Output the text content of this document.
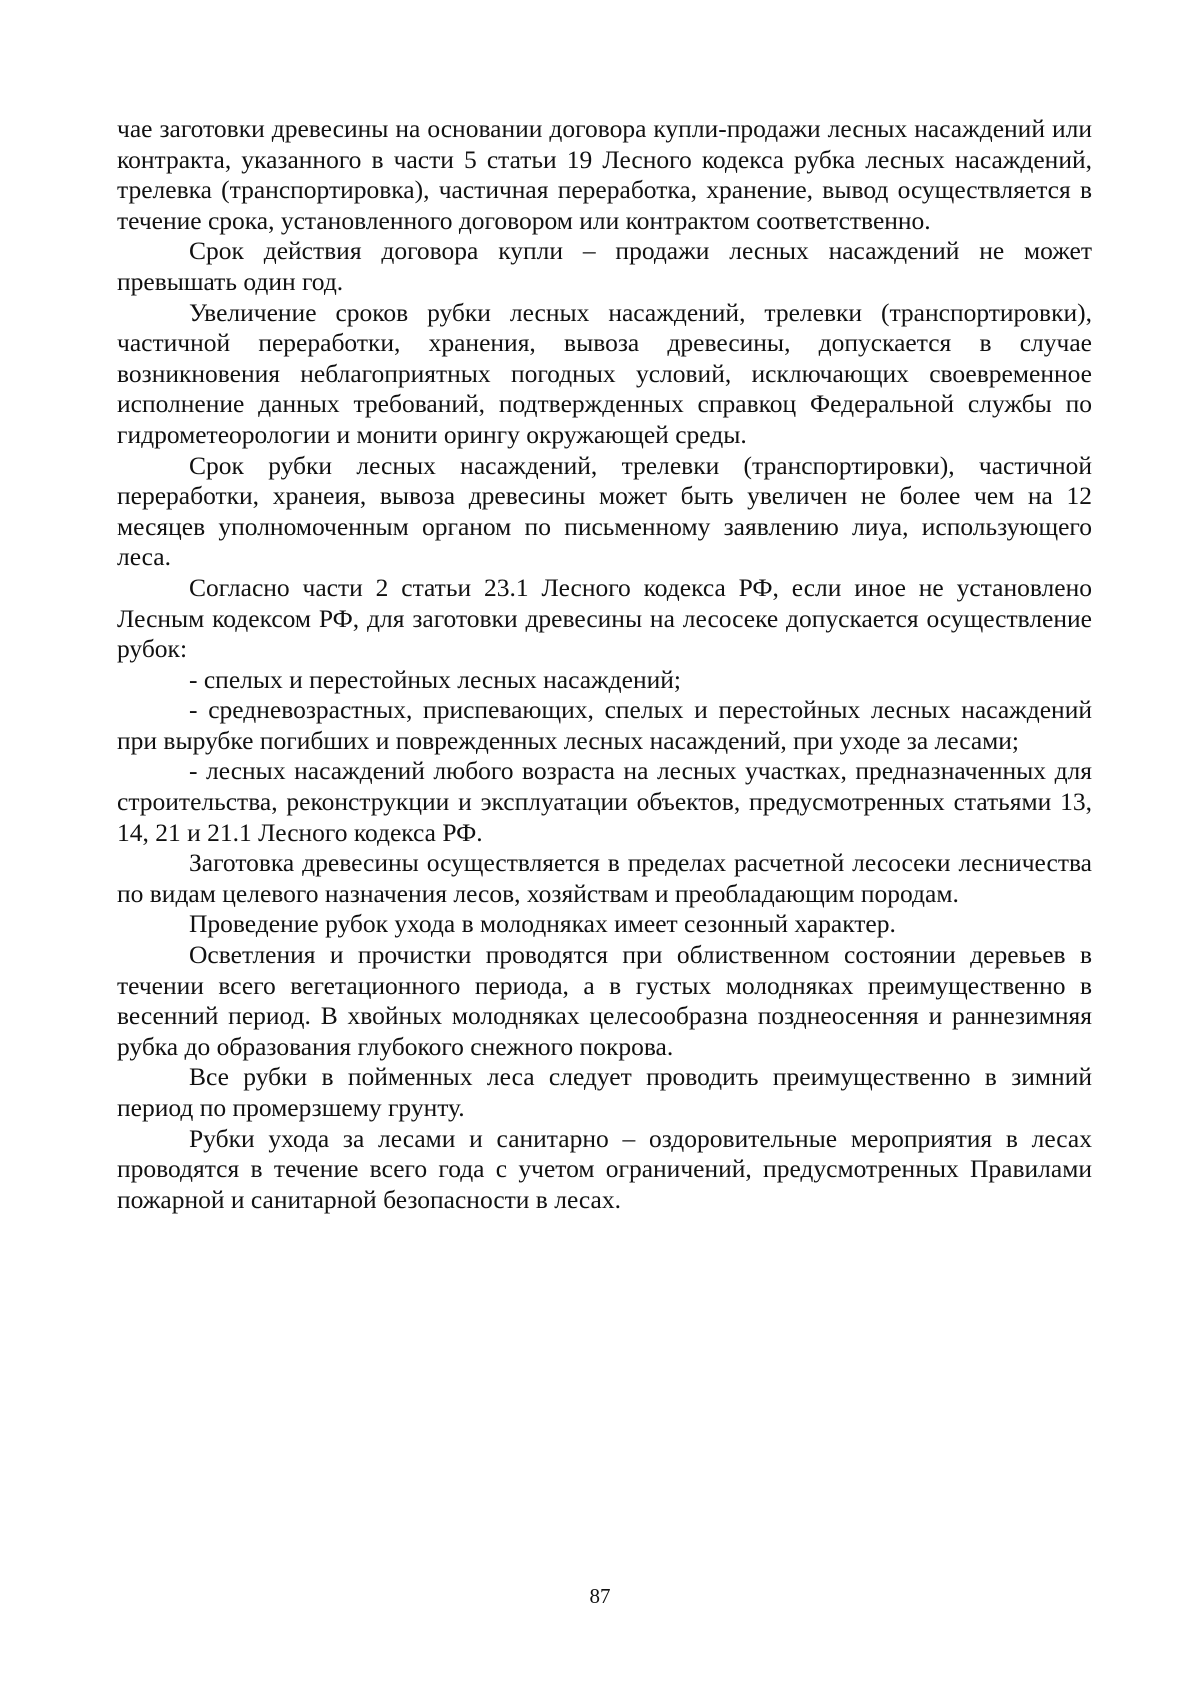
чае заготовки древесины на основании договора купли-продажи лесных насаждений или контракта, указанного в части 5 статьи 19 Лесного кодекса рубка лесных насаждений, трелевка (транспортировка), частичная переработка, хранение, вывод осуществляется в течение срока, установленного договором или контрактом соответственно.

Срок действия договора купли – продажи лесных насаждений не может превышать один год.

Увеличение сроков рубки лесных насаждений, трелевки (транспортировки), частичной переработки, хранения, вывоза древесины, допускается в случае возникновения неблагоприятных погодных условий, исключающих своевременное исполнение данных требований, подтвержденных справкоц Федеральной службы по гидрометеорологии и монити орингу окружающей среды.

Срок рубки лесных насаждений, трелевки (транспортировки), частичной переработки, хранеия, вывоза древесины может быть увеличен не более чем на 12 месяцев уполномоченным органом по письменному заявлению лиуа, использующего леса.

Согласно части 2 статьи 23.1 Лесного кодекса РФ, если иное не установлено Лесным кодексом РФ, для заготовки древесины на лесосеке допускается осуществление рубок:

- спелых и перестойных лесных насаждений;

- средневозрастных, приспевающих, спелых и перестойных лесных насаждений при вырубке погибших и поврежденных лесных насаждений, при уходе за лесами;

- лесных насаждений любого возраста на лесных участках, предназначенных для строительства, реконструкции и эксплуатации объектов, предусмотренных статьями 13, 14, 21 и 21.1 Лесного кодекса РФ.

Заготовка древесины осуществляется в пределах расчетной лесосеки лесничества по видам целевого назначения лесов, хозяйствам и преобладающим породам.

Проведение рубок ухода в молодняках имеет сезонный характер.

Осветления и прочистки проводятся при облиственном состоянии деревьев в течении всего вегетационного периода, а в густых молодняках преимущественно в весенний период. В хвойных молодняках целесообразна позднеосенняя и раннезимняя рубка до образования глубокого снежного покрова.

Все рубки в пойменных леса следует проводить преимущественно в зимний период по промерзшему грунту.

Рубки ухода за лесами и санитарно – оздоровительные мероприятия в лесах проводятся в течение всего года с учетом ограничений, предусмотренных Правилами пожарной и санитарной безопасности в лесах.

87
